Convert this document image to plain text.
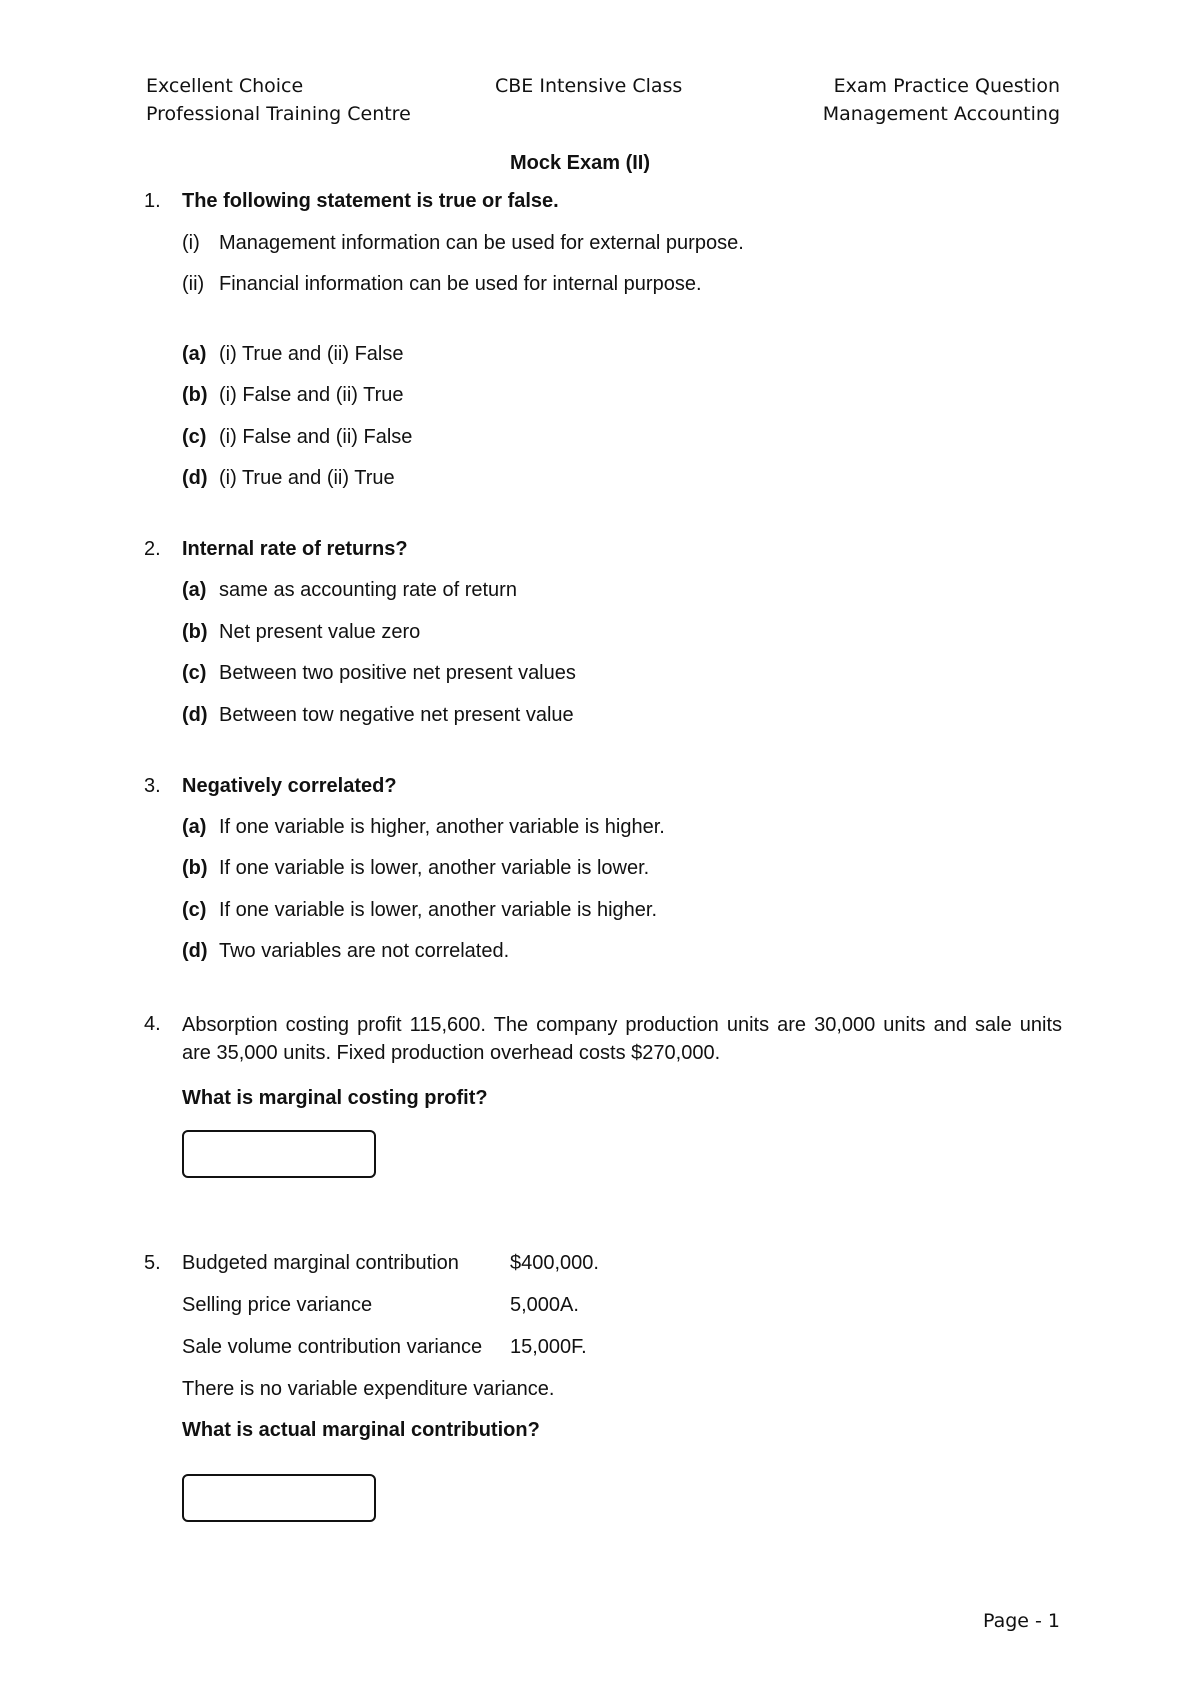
Excellent Choice
Professional Training Centre
CBE Intensive Class	Exam Practice Question
Management Accounting
Mock Exam (II)
1. The following statement is true or false.
(i) Management information can be used for external purpose.
(ii) Financial information can be used for internal purpose.
(a) (i) True and (ii) False
(b) (i) False and (ii) True
(c) (i) False and (ii) False
(d) (i) True and (ii) True
2. Internal rate of returns?
(a) same as accounting rate of return
(b) Net present value zero
(c) Between two positive net present values
(d) Between tow negative net present value
3. Negatively correlated?
(a) If one variable is higher, another variable is higher.
(b) If one variable is lower, another variable is lower.
(c) If one variable is lower, another variable is higher.
(d) Two variables are not correlated.
4. Absorption costing profit 115,600. The company production units are 30,000 units and sale units are 35,000 units. Fixed production overhead costs $270,000.
What is marginal costing profit?
5. Budgeted marginal contribution	$400,000.
Selling price variance	5,000A.
Sale volume contribution variance 15,000F.
There is no variable expenditure variance.
What is actual marginal contribution?
Page - 1
